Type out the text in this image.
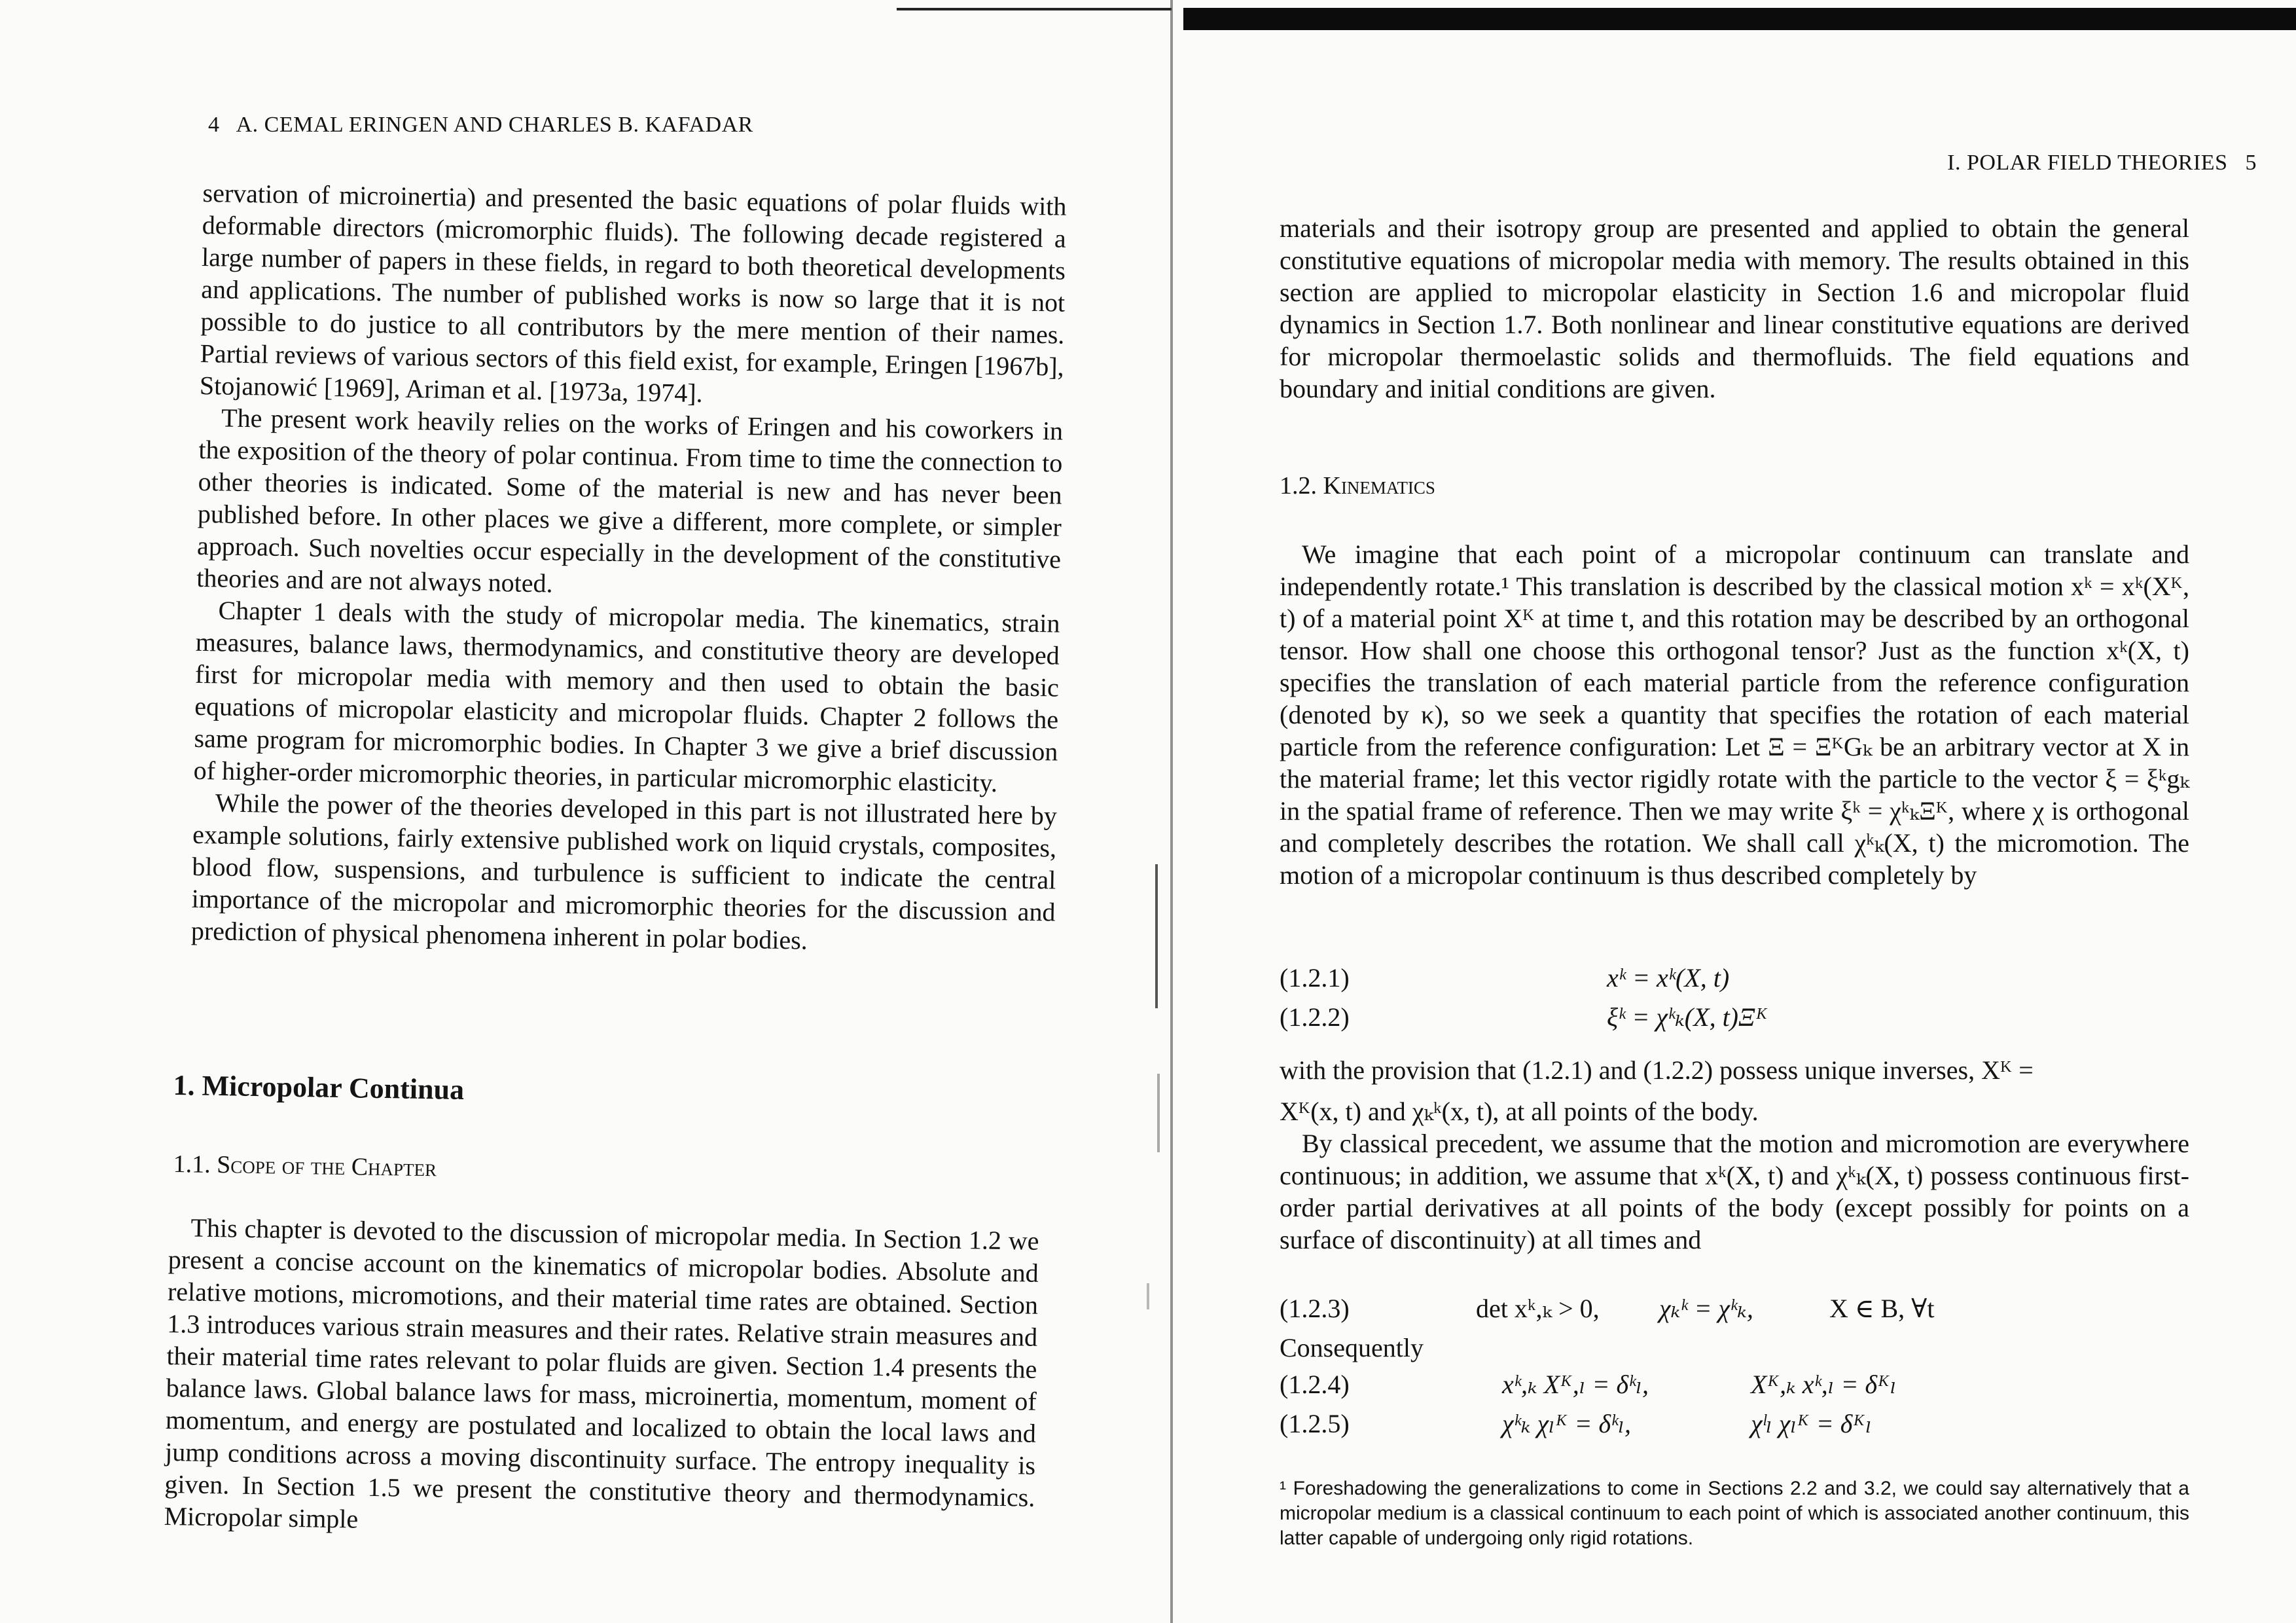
4 A. CEMAL ERINGEN AND CHARLES B. KAFADAR

servation of microinertia) and presented the basic equations of polar fluids with deformable directors (micromorphic fluids). The following decade registered a large number of papers in these fields, in regard to both theoretical developments and applications. The number of published works is now so large that it is not possible to do justice to all contributors by the mere mention of their names. Partial reviews of various sectors of this field exist, for example, Eringen [1967b], Stojanowić [1969], Ariman et al. [1973a, 1974].

The present work heavily relies on the works of Eringen and his coworkers in the exposition of the theory of polar continua. From time to time the connection to other theories is indicated. Some of the material is new and has never been published before. In other places we give a different, more complete, or simpler approach. Such novelties occur especially in the development of the constitutive theories and are not always noted.

Chapter 1 deals with the study of micropolar media. The kinematics, strain measures, balance laws, thermodynamics, and constitutive theory are developed first for micropolar media with memory and then used to obtain the basic equations of micropolar elasticity and micropolar fluids. Chapter 2 follows the same program for micromorphic bodies. In Chapter 3 we give a brief discussion of higher-order micromorphic theories, in particular micromorphic elasticity.

While the power of the theories developed in this part is not illustrated here by example solutions, fairly extensive published work on liquid crystals, composites, blood flow, suspensions, and turbulence is sufficient to indicate the central importance of the micropolar and micromorphic theories for the discussion and prediction of physical phenomena inherent in polar bodies.

1. Micropolar Continua
1.1. Scope of the Chapter

This chapter is devoted to the discussion of micropolar media. In Section 1.2 we present a concise account on the kinematics of micropolar bodies. Absolute and relative motions, micromotions, and their material time rates are obtained. Section 1.3 introduces various strain measures and their rates. Relative strain measures and their material time rates relevant to polar fluids are given. Section 1.4 presents the balance laws. Global balance laws for mass, microinertia, momentum, moment of momentum, and energy are postulated and localized to obtain the local laws and jump conditions across a moving discontinuity surface. The entropy inequality is given. In Section 1.5 we present the constitutive theory and thermodynamics. Micropolar simple

I. POLAR FIELD THEORIES 5

materials and their isotropy group are presented and applied to obtain the general constitutive equations of micropolar media with memory. The results obtained in this section are applied to micropolar elasticity in Section 1.6 and micropolar fluid dynamics in Section 1.7. Both nonlinear and linear constitutive equations are derived for micropolar thermoelastic solids and thermofluids. The field equations and boundary and initial conditions are given.

1.2. Kinematics

We imagine that each point of a micropolar continuum can translate and independently rotate.¹ This translation is described by the classical motion xᵏ = xᵏ(Xᴷ, t) of a material point Xᴷ at time t, and this rotation may be described by an orthogonal tensor. How shall one choose this orthogonal tensor? Just as the function xᵏ(X, t) specifies the translation of each material particle from the reference configuration (denoted by κ), so we seek a quantity that specifies the rotation of each material particle from the reference configuration: Let Ξ = ΞᴷGₖ be an arbitrary vector at X in the material frame; let this vector rigidly rotate with the particle to the vector ξ = ξᵏgₖ in the spatial frame of reference. Then we may write ξᵏ = χᵏₖΞᴷ, where χ is orthogonal and completely describes the rotation. We shall call χᵏₖ(X, t) the micromotion. The motion of a micropolar continuum is thus described completely by

(1.2.1)	xᵏ = xᵏ(X, t)
(1.2.2)	ξᵏ = χᵏₖ(X, t)Ξᴷ

with the provision that (1.2.1) and (1.2.2) possess unique inverses, Xᴷ =

Xᴷ(x, t) and χₖᵏ(x, t), at all points of the body.

By classical precedent, we assume that the motion and micromotion are everywhere continuous; in addition, we assume that xᵏ(X, t) and χᵏₖ(X, t) possess continuous first-order partial derivatives at all points of the body (except possibly for points on a surface of discontinuity) at all times and

(1.2.3)	det xᵏ,ₖ > 0, χₖᵏ = χᵏₖ,	X ∈ B, ∀t
Consequently
(1.2.4)	xᵏ,ₖ Xᴷ,ₗ = δᵏₗ,	Xᴷ,ₖ xᵏ,ₗ = δᴷₗ
(1.2.5)	χᵏₖ χₗᴷ = δᵏₗ,	χˡₗ χₗᴷ = δᴷₗ
¹ Foreshadowing the generalizations to come in Sections 2.2 and 3.2, we could say alternatively that a micropolar medium is a classical continuum to each point of which is associated another continuum, this latter capable of undergoing only rigid rotations.
